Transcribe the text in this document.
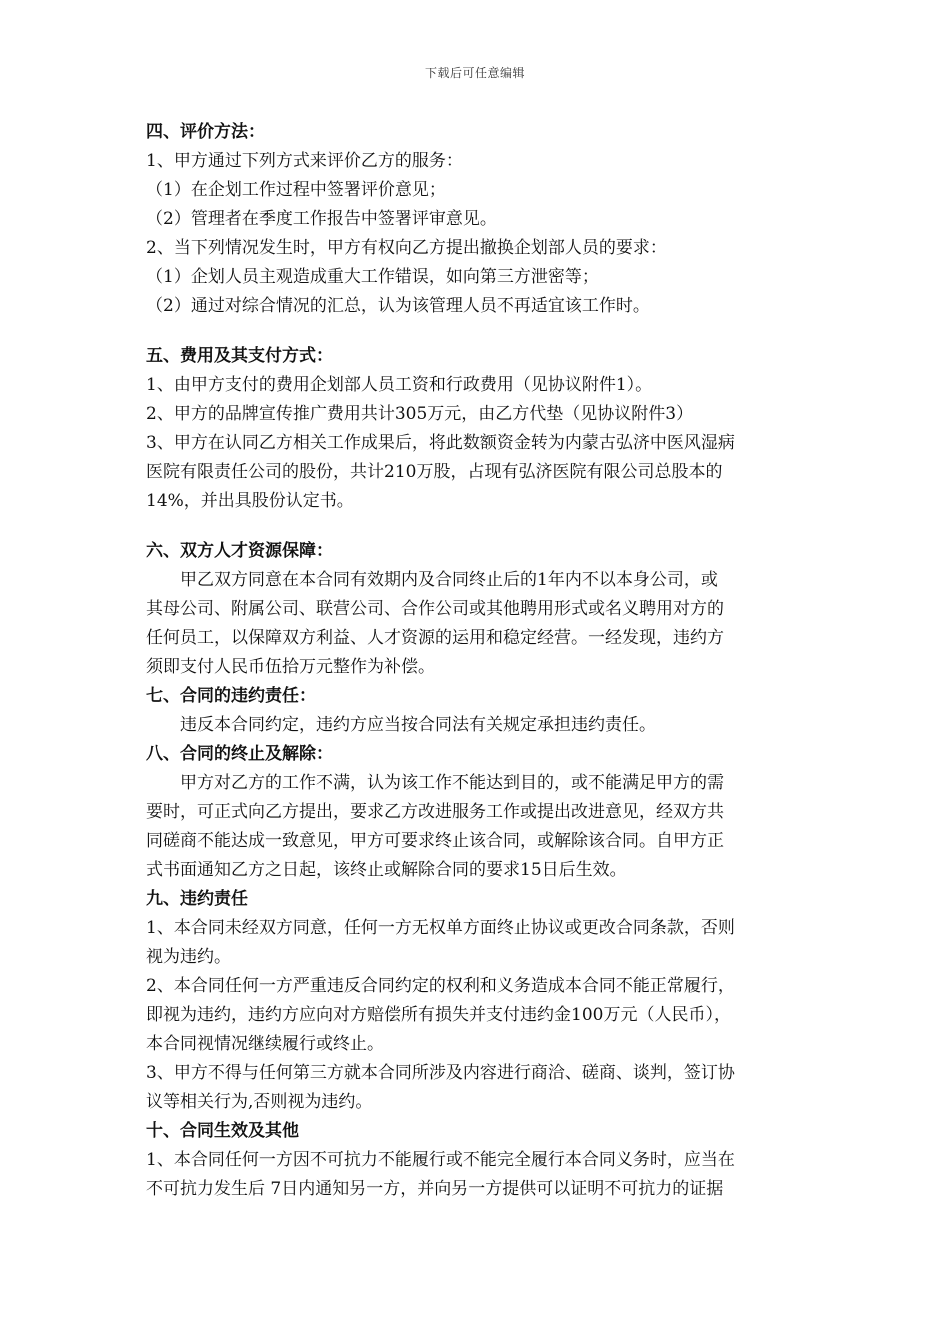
下载后可任意编辑
四、评价方法：
1、甲方通过下列方式来评价乙方的服务：
（1）在企划工作过程中签署评价意见；
（2）管理者在季度工作报告中签署评审意见。
2、当下列情况发生时，甲方有权向乙方提出撤换企划部人员的要求：
（1）企划人员主观造成重大工作错误，如向第三方泄密等；
（2）通过对综合情况的汇总，认为该管理人员不再适宜该工作时。
五、费用及其支付方式：
1、由甲方支付的费用企划部人员工资和行政费用（见协议附件1）。
2、甲方的品牌宣传推广费用共计305万元，由乙方代垫（见协议附件3）
3、甲方在认同乙方相关工作成果后，将此数额资金转为内蒙古弘济中医风湿病
医院有限责任公司的股份，共计210万股，占现有弘济医院有限公司总股本的
14%，并出具股份认定书。
六、双方人才资源保障：
甲乙双方同意在本合同有效期内及合同终止后的1年内不以本身公司，或
其母公司、附属公司、联营公司、合作公司或其他聘用形式或名义聘用对方的
任何员工，以保障双方利益、人才资源的运用和稳定经营。一经发现，违约方
须即支付人民币伍拾万元整作为补偿。
七、合同的违约责任：
违反本合同约定，违约方应当按合同法有关规定承担违约责任。
八、合同的终止及解除：
甲方对乙方的工作不满，认为该工作不能达到目的，或不能满足甲方的需
要时，可正式向乙方提出，要求乙方改进服务工作或提出改进意见，经双方共
同磋商不能达成一致意见，甲方可要求终止该合同，或解除该合同。自甲方正
式书面通知乙方之日起，该终止或解除合同的要求15日后生效。
九、违约责任
1、本合同未经双方同意，任何一方无权单方面终止协议或更改合同条款，否则
视为违约。
2、本合同任何一方严重违反合同约定的权利和义务造成本合同不能正常履行，
即视为违约，违约方应向对方赔偿所有损失并支付违约金100万元（人民币），
本合同视情况继续履行或终止。
3、甲方不得与任何第三方就本合同所涉及内容进行商洽、磋商、谈判，签订协
议等相关行为,否则视为违约。
十、合同生效及其他
1、本合同任何一方因不可抗力不能履行或不能完全履行本合同义务时，应当在
不可抗力发生后 7日内通知另一方，并向另一方提供可以证明不可抗力的证据
